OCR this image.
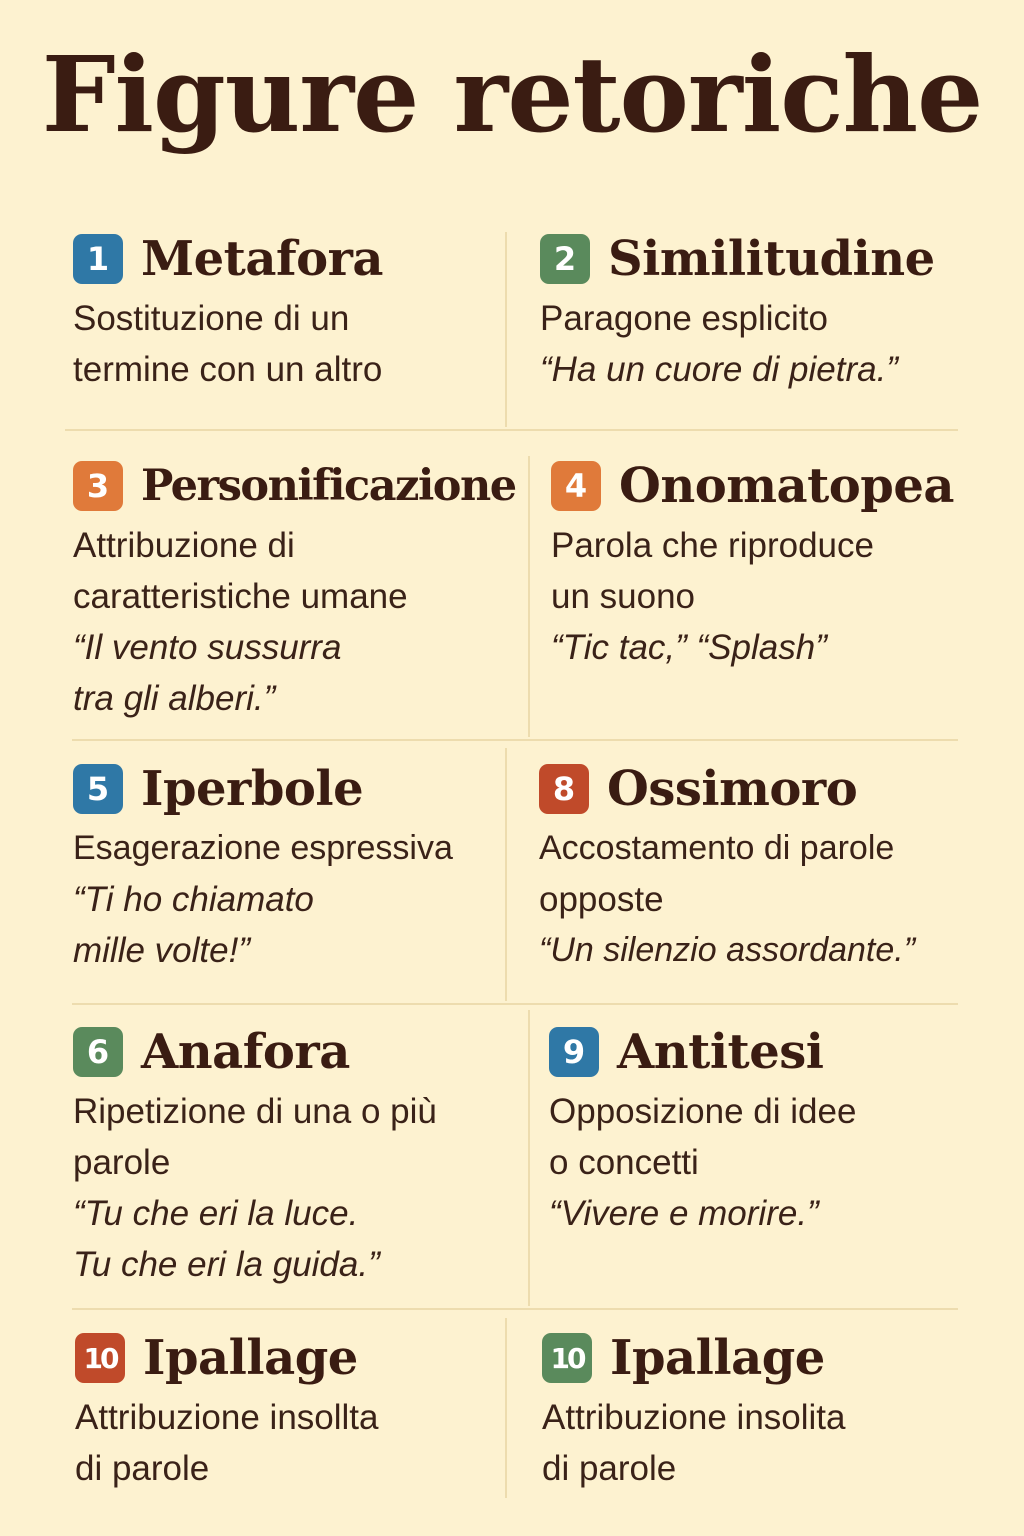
Figure retoriche
1 Metafora
Sostituzione di un
termine con un altro
2 Similitudine
Paragone esplicito
“Ha un cuore di pietra.”
3 Personificazione
Attribuzione di
caratteristiche umane
“Il vento sussurra
tra gli alberi.”
4 Onomatopea
Parola che riproduce
un suono
“Tic tac,” “Splash”
5 Iperbole
Esagerazione espressiva
“Ti ho chiamato
mille volte!”
8 Ossimoro
Accostamento di parole
opposte
“Un silenzio assordante.”
6 Anafora
Ripetizione di una o più
parole
“Tu che eri la luce.
Tu che eri la guida.”
9 Antitesi
Opposizione di idee
o concetti
“Vivere e morire.”
10 Ipallage
Attribuzione insollta
di parole
10 Ipallage
Attribuzione insolita
di parole
